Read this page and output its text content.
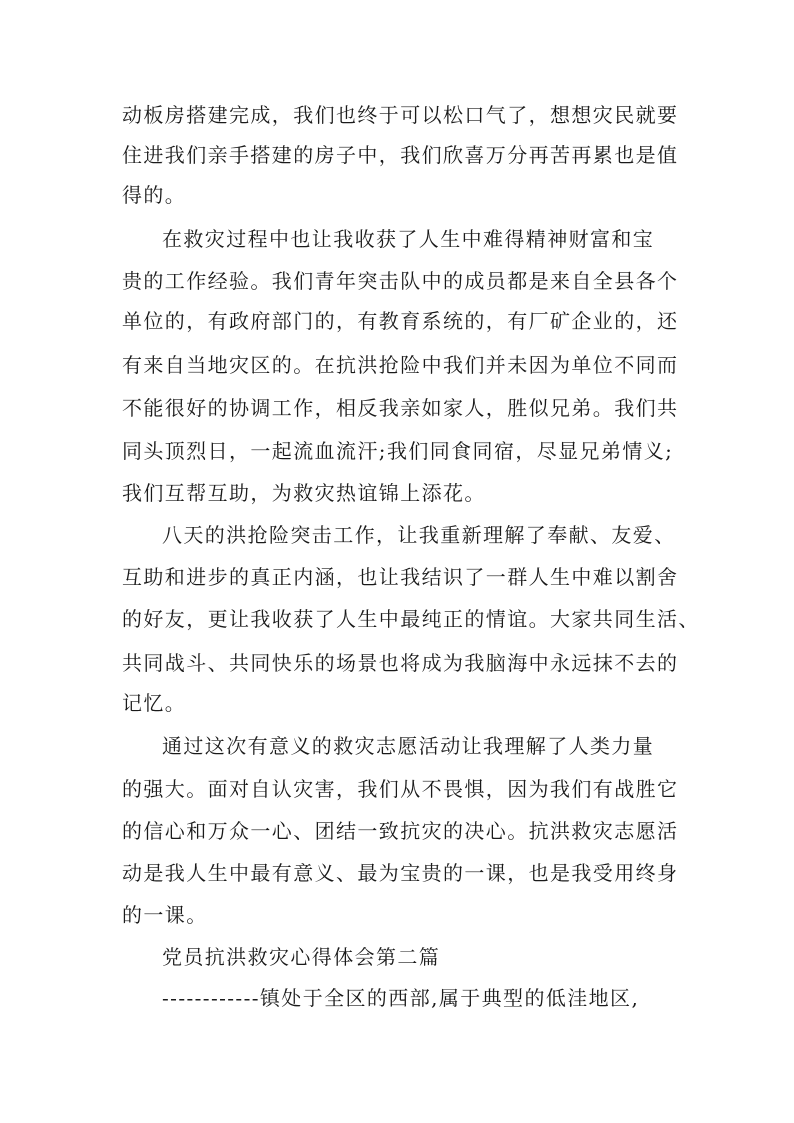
动板房搭建完成，我们也终于可以松口气了，想想灾民就要
住进我们亲手搭建的房子中，我们欣喜万分再苦再累也是值
得的。
在救灾过程中也让我收获了人生中难得精神财富和宝
贵的工作经验。我们青年突击队中的成员都是来自全县各个
单位的，有政府部门的，有教育系统的，有厂矿企业的，还
有来自当地灾区的。在抗洪抢险中我们并未因为单位不同而
不能很好的协调工作，相反我亲如家人，胜似兄弟。我们共
同头顶烈日，一起流血流汗;我们同食同宿，尽显兄弟情义;
我们互帮互助，为救灾热谊锦上添花。
八天的洪抢险突击工作，让我重新理解了奉献、友爱、
互助和进步的真正内涵，也让我结识了一群人生中难以割舍
的好友，更让我收获了人生中最纯正的情谊。大家共同生活、
共同战斗、共同快乐的场景也将成为我脑海中永远抹不去的
记忆。
通过这次有意义的救灾志愿活动让我理解了人类力量
的强大。面对自认灾害，我们从不畏惧，因为我们有战胜它
的信心和万众一心、团结一致抗灾的决心。抗洪救灾志愿活
动是我人生中最有意义、最为宝贵的一课，也是我受用终身
的一课。
党员抗洪救灾心得体会第二篇
------------镇处于全区的西部,属于典型的低洼地区,
